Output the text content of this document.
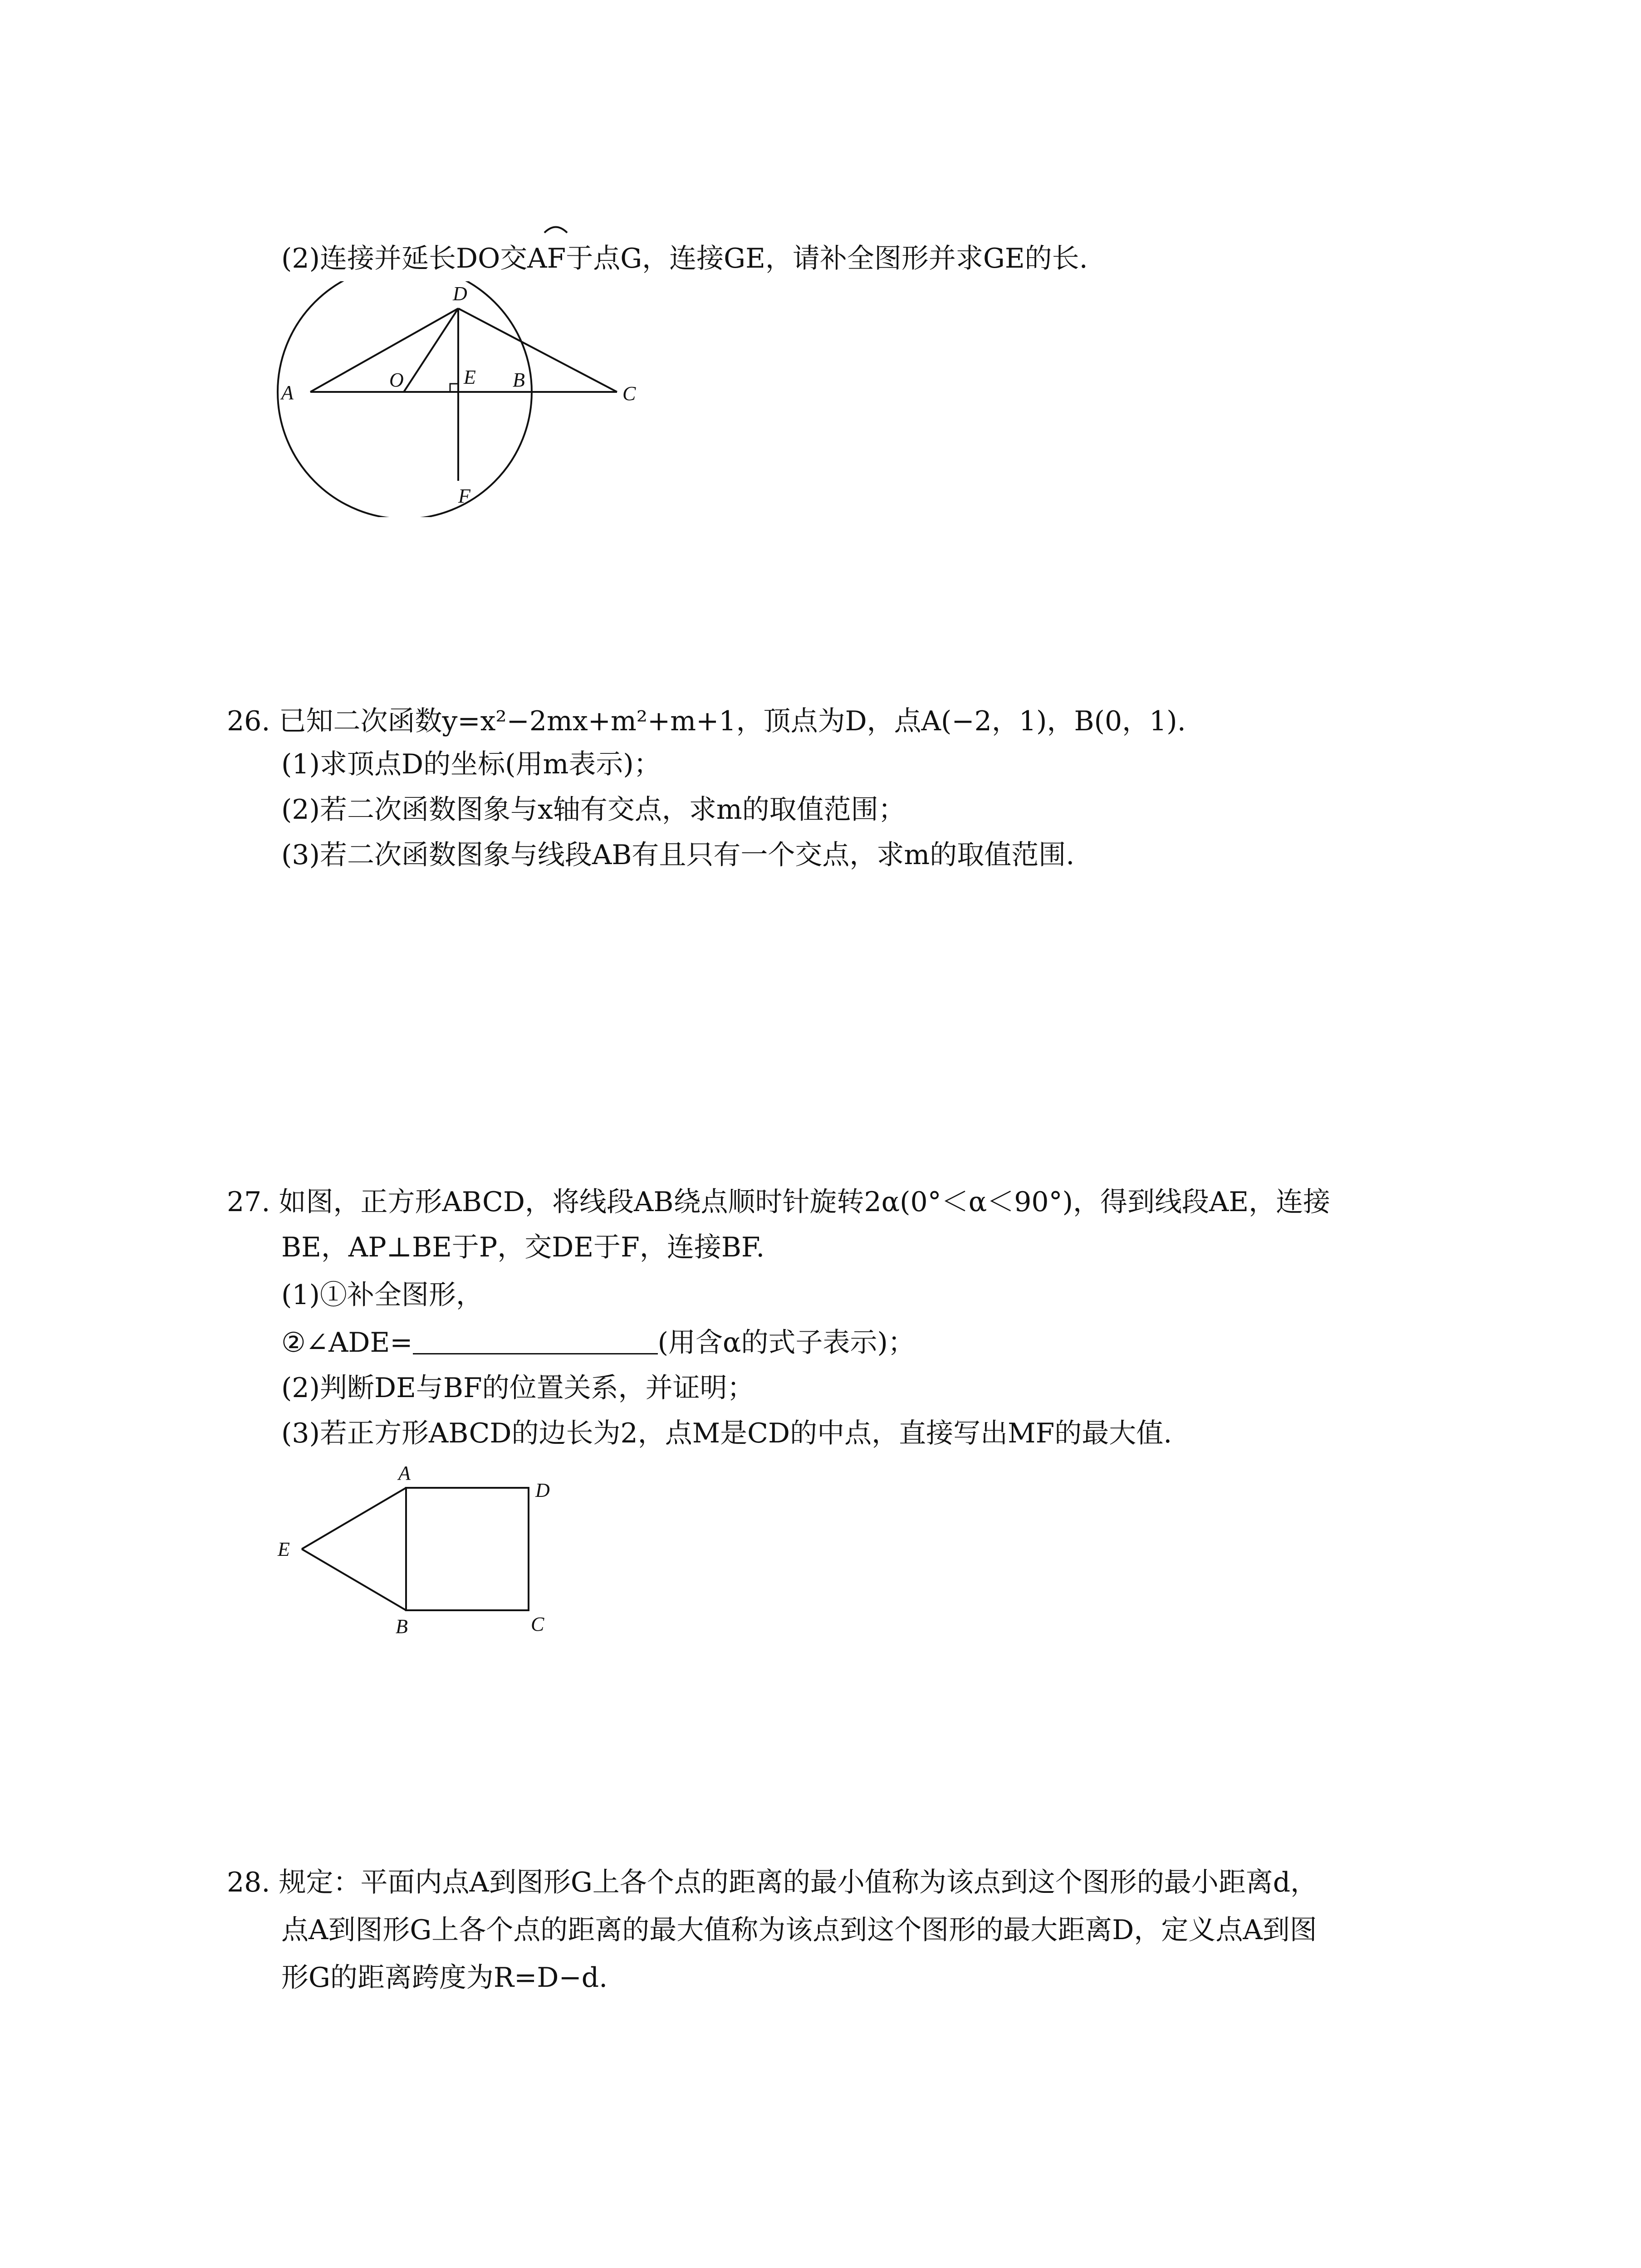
(2)连接并延长DO交AF于点G，连接GE，请补全图形并求GE的长.
A
O	E B
C
D
F
26. 已知二次函数y=x²−2mx+m²+m+1，顶点为D，点A(−2，1)，B(0，1).
(1)求顶点D的坐标(用m表示)；
(2)若二次函数图象与x轴有交点，求m的取值范围；
(3)若二次函数图象与线段AB有且只有一个交点，求m的取值范围.
27. 如图，正方形ABCD，将线段AB绕点顺时针旋转2α(0°＜α＜90°)，得到线段AE，连接
BE，AP⊥BE于P，交DE于F，连接BF.
(1)①补全图形，
②∠ADE=	(用含α的式子表示)；
(2)判断DE与BF的位置关系，并证明；
(3)若正方形ABCD的边长为2，点M是CD的中点，直接写出MF的最大值.
A
D
E
B	C
28. 规定：平面内点A到图形G上各个点的距离的最小值称为该点到这个图形的最小距离d，
点A到图形G上各个点的距离的最大值称为该点到这个图形的最大距离D，定义点A到图
形G的距离跨度为R=D−d.
